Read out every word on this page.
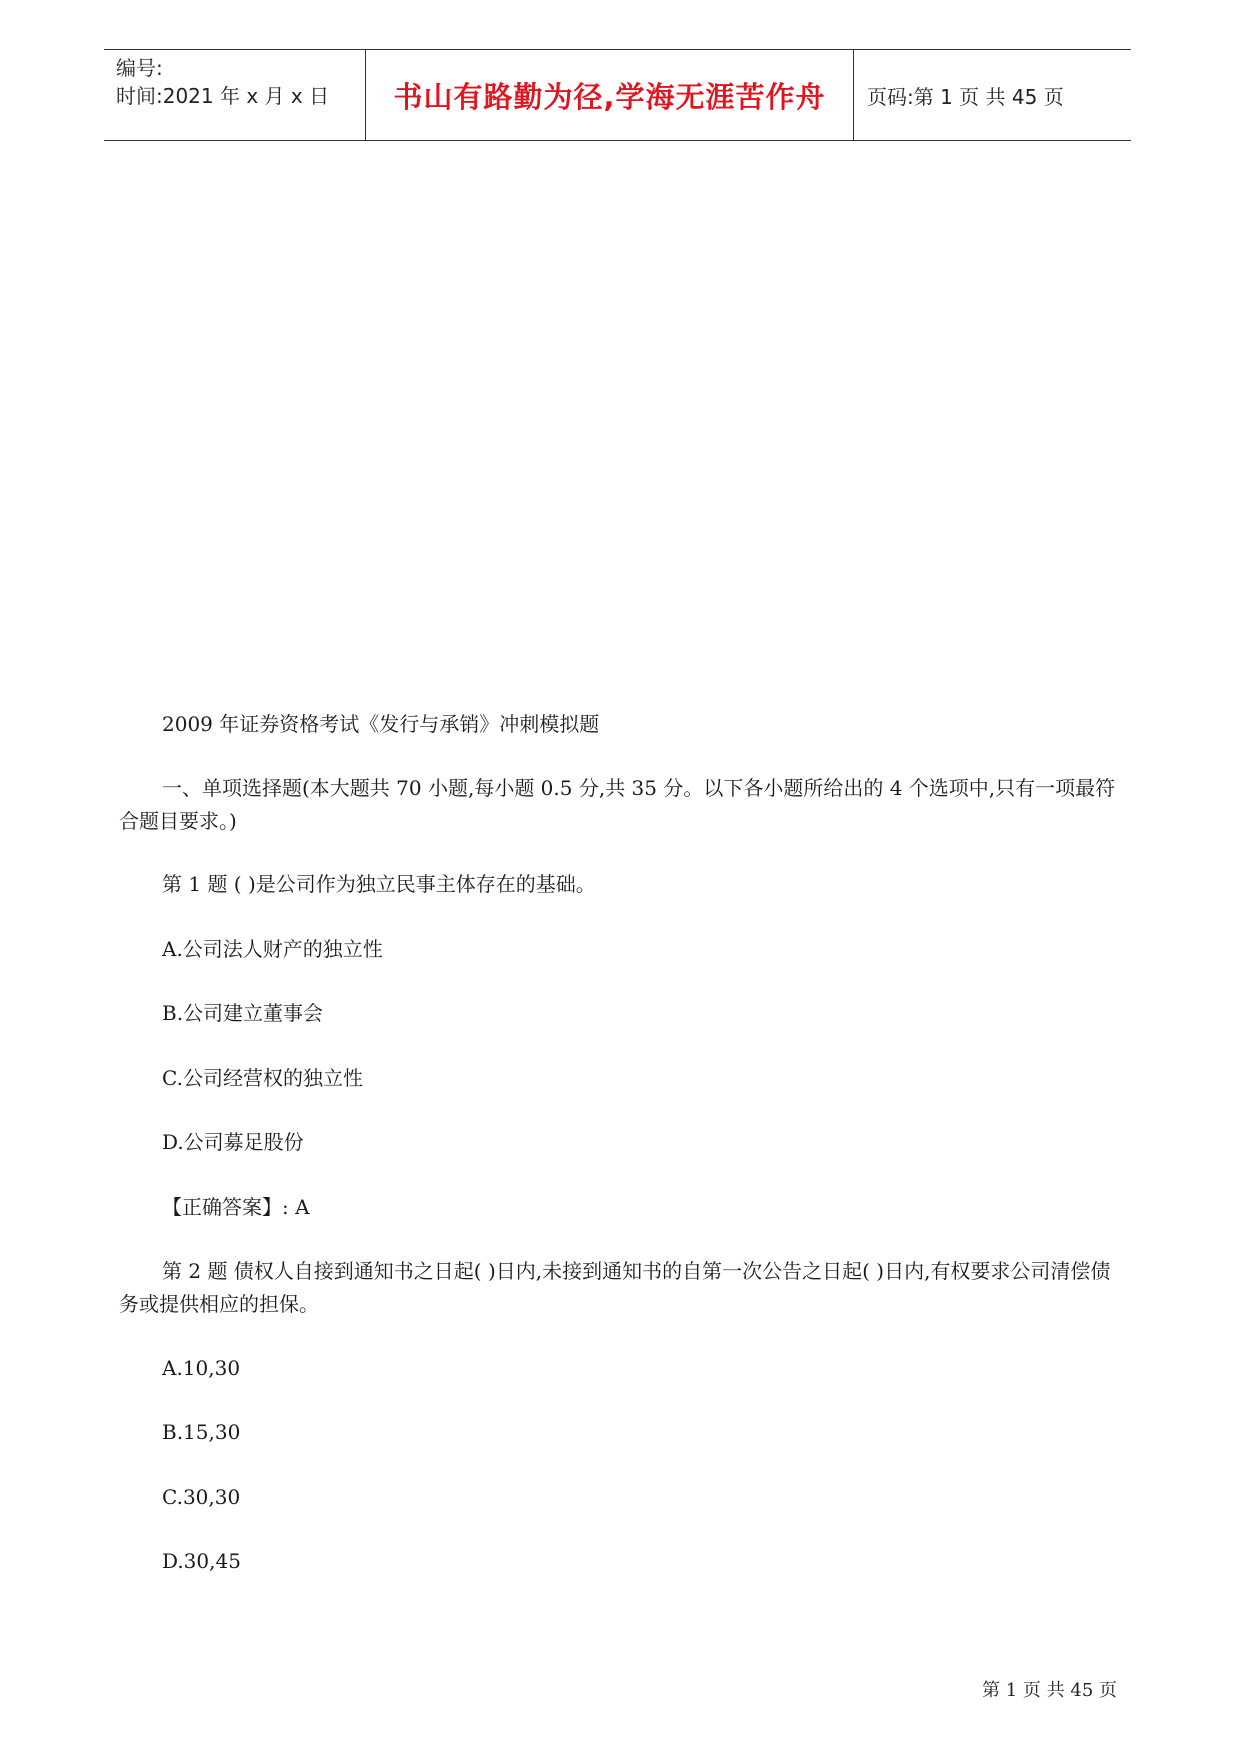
编号:
时间:2021 年 x 月 x 日 书山有路勤为径,学海无涯苦作舟 页码:第 1 页 共 45 页
2009 年证券资格考试《发行与承销》冲刺模拟题
一、单项选择题(本大题共 70 小题,每小题 0.5 分,共 35 分。以下各小题所给出的 4 个选项中,只有一项最符合题目要求。)
第 1 题 ( )是公司作为独立民事主体存在的基础。
A.公司法人财产的独立性
B.公司建立董事会
C.公司经营权的独立性
D.公司募足股份
【正确答案】: A
第 2 题 债权人自接到通知书之日起( )日内,未接到通知书的自第一次公告之日起( )日内,有权要求公司清偿债务或提供相应的担保。
A.10,30
B.15,30
C.30,30
D.30,45
第 1 页 共 45 页
